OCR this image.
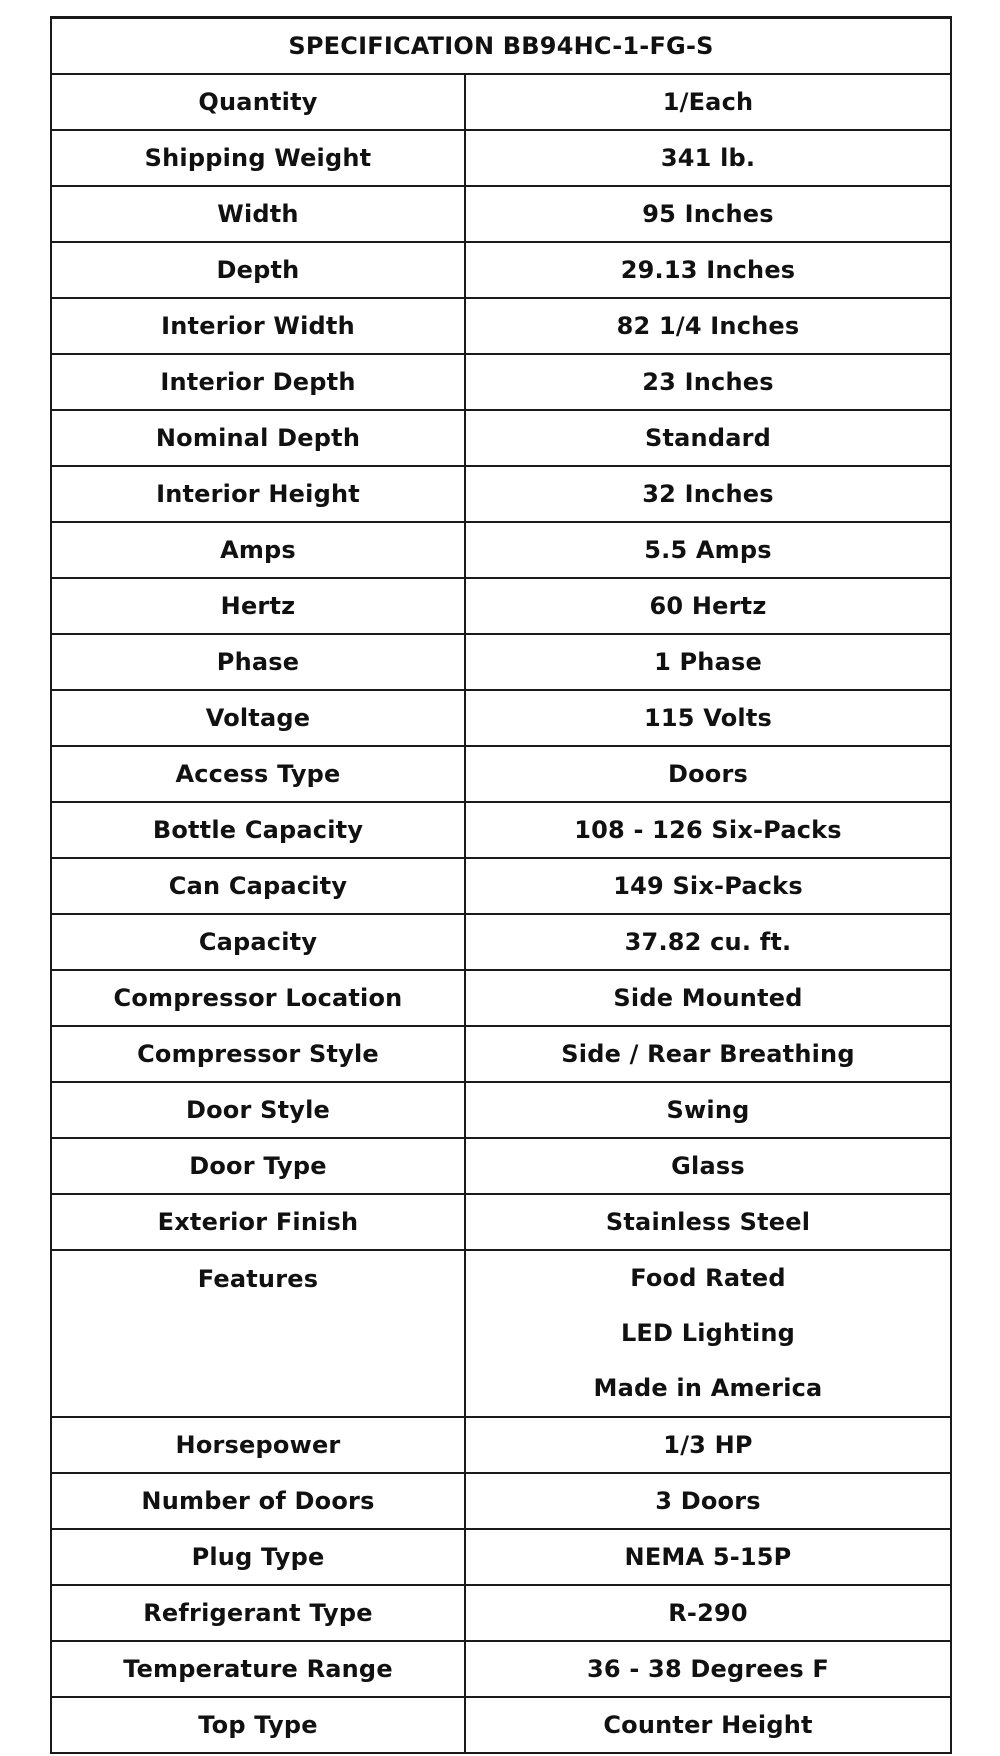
SPECIFICATION BB94HC-1-FG-S	
Quantity	1/Each
Shipping Weight	341 lb.
Width	95 Inches
Depth	29.13 Inches
Interior Width	82 1/4 Inches
Interior Depth	23 Inches
Nominal Depth	Standard
Interior Height	32 Inches
Amps	5.5 Amps
Hertz	60 Hertz
Phase	1 Phase
Voltage	115 Volts
Access Type	Doors
Bottle Capacity	108 - 126 Six-Packs
Can Capacity	149 Six-Packs
Capacity	37.82 cu. ft.
Compressor Location	Side Mounted
Compressor Style	Side / Rear Breathing
Door Style	Swing
Door Type	Glass
Exterior Finish	Stainless Steel
Features	Food Rated
LED Lighting
Made in America

Horsepower	1/3 HP
Number of Doors	3 Doors
Plug Type	NEMA 5-15P
Refrigerant Type	R-290
Temperature Range	36 - 38 Degrees F
Top Type	Counter Height
